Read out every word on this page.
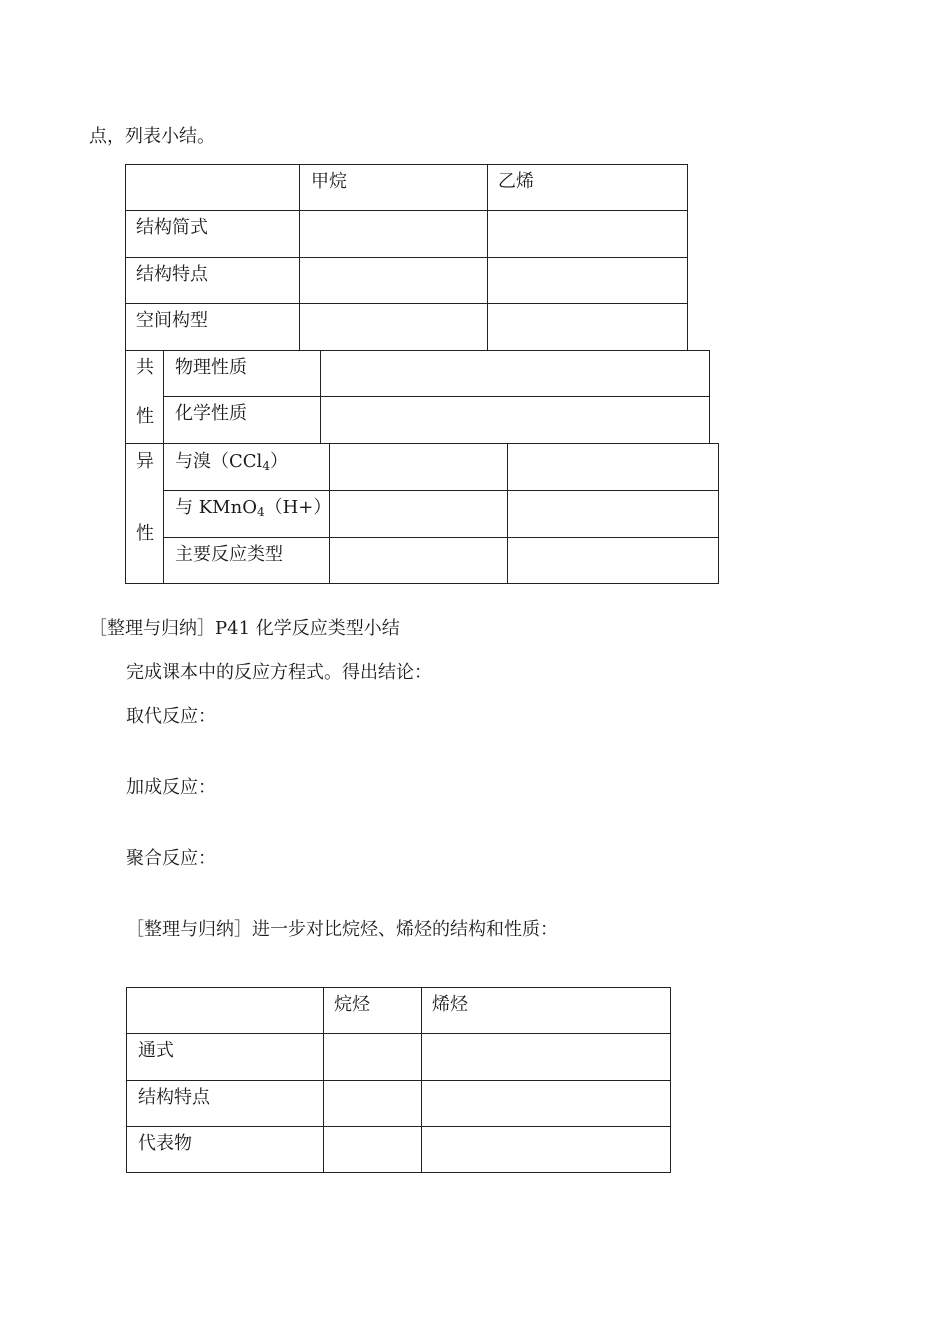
点，列表小结。
甲烷	乙烯
结构简式
结构特点
空间构型
共
性
物理性质
化学性质
异
性
与溴（CCl$_4$）
与 KMnO$_4$（H+）
主要反应类型
［整理与归纳］P41 化学反应类型小结
完成课本中的反应方程式。得出结论：
取代反应：
加成反应：
聚合反应：
［整理与归纳］进一步对比烷烃、烯烃的结构和性质：
烷烃	烯烃
通式
结构特点
代表物
